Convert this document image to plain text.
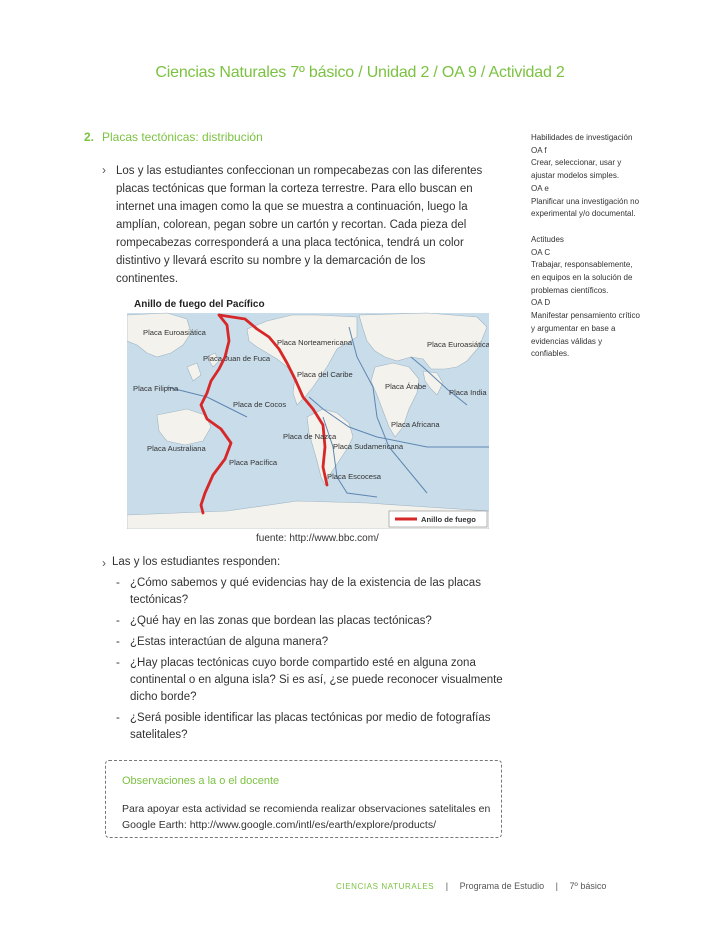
Ciencias Naturales 7º básico / Unidad 2 / OA 9 / Actividad 2
2. Placas tectónicas: distribución
› Los y las estudiantes confeccionan un rompecabezas con las diferentes placas tectónicas que forman la corteza terrestre. Para ello buscan en internet una imagen como la que se muestra a continuación, luego la amplían, colorean, pegan sobre un cartón y recortan. Cada pieza del rompecabezas corresponderá a una placa tectónica, tendrá un color distintivo y llevará escrito su nombre y la demarcación de los continentes.
Habilidades de investigación
OA f
Crear, seleccionar, usar y ajustar modelos simples.
OA e
Planificar una investigación no experimental y/o documental.
Actitudes
OA C
Trabajar, responsablemente, en equipos en la solución de problemas científicos.
OA D
Manifestar pensamiento crítico y argumentar en base a evidencias válidas y confiables.
Anillo de fuego del Pacífico
Placa Euroasiática
Placa Juan de Fuca
Placa Norteamericana	Placa Euroasiática
Placa del Caribe
Placa Filipina
Placa de Cocos
Placa Árabe
Placa India
Placa Africana
Placa de Nazca
Placa Sudamericana
Placa Australiana
Placa Pacífica
Placa Escocesa
Anillo de fuego
fuente: http://www.bbc.com/
› Las y los estudiantes responden:
- ¿Cómo sabemos y qué evidencias hay de la existencia de las placas tectónicas?
- ¿Qué hay en las zonas que bordean las placas tectónicas?
- ¿Estas interactúan de alguna manera?
- ¿Hay placas tectónicas cuyo borde compartido esté en alguna zona continental o en alguna isla? Si es así, ¿se puede reconocer visualmente dicho borde?
- ¿Será posible identificar las placas tectónicas por medio de fotografías satelitales?
Observaciones a la o el docente
Para apoyar esta actividad se recomienda realizar observaciones satelitales en Google Earth: http://www.google.com/intl/es/earth/explore/products/
CIENCIAS NATURALES | Programa de Estudio | 7º básico
